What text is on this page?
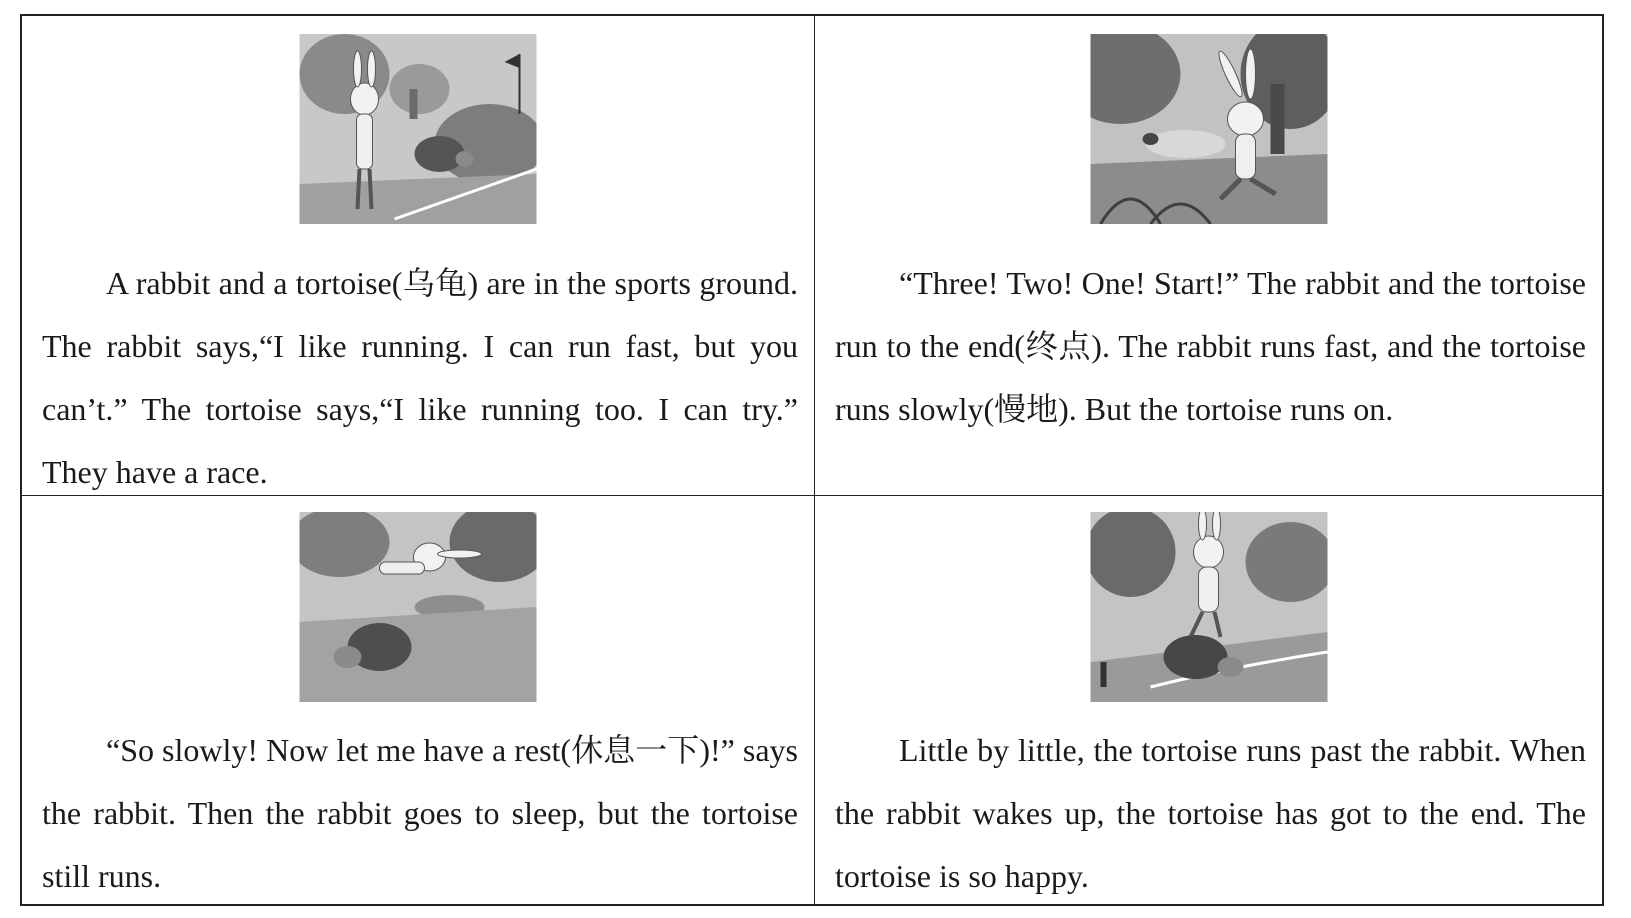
A rabbit and a tortoise(乌龟) are in the sports ground. The rabbit says,“I like running. I can run fast, but you can’t.” The tortoise says,“I like running too. I can try.” They have a race.
“Three! Two! One! Start!” The rabbit and the tortoise run to the end(终点). The rabbit runs fast, and the tortoise runs slowly(慢地). But the tortoise runs on.
“So slowly! Now let me have a rest(休息一下)!” says the rabbit. Then the rabbit goes to sleep, but the tortoise still runs.
Little by little, the tortoise runs past the rabbit. When the rabbit wakes up, the tortoise has got to the end. The tortoise is so happy.
